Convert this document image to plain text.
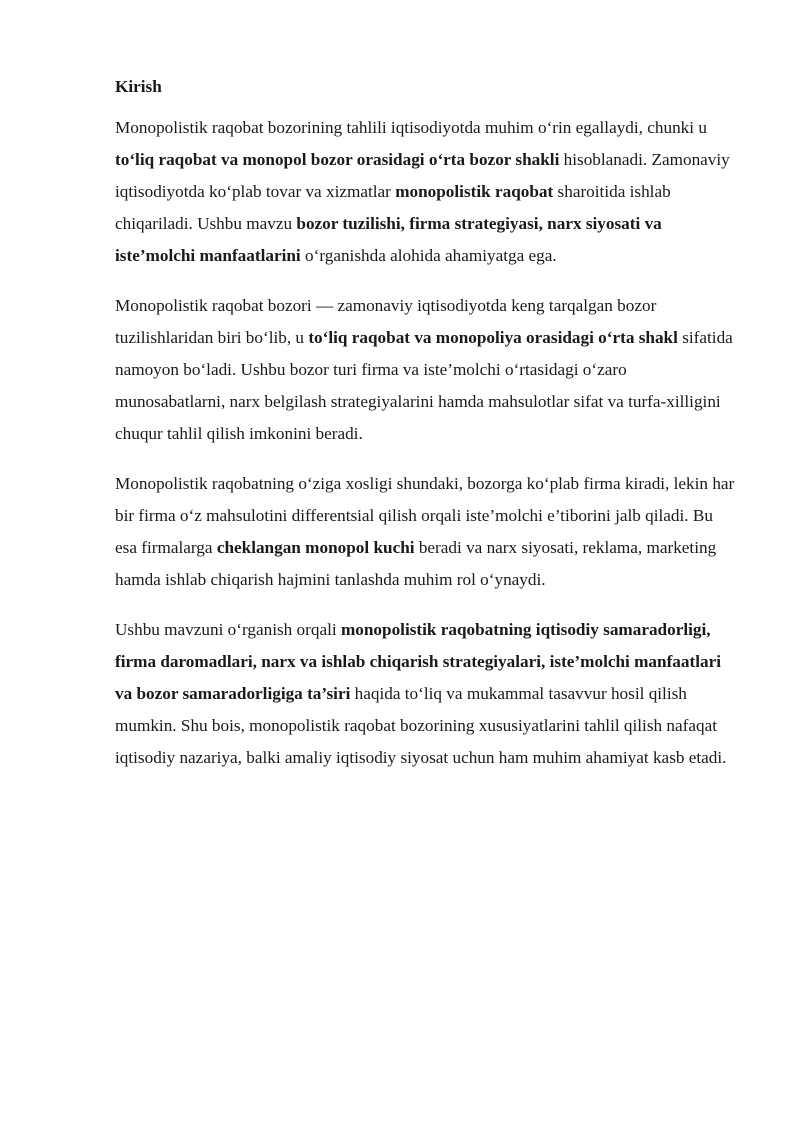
Kirish
Monopolistik raqobat bozorining tahlili iqtisodiyotda muhim o‘rin egallaydi, chunki u to‘liq raqobat va monopol bozor orasidagi o‘rta bozor shakli hisoblanadi. Zamonaviy iqtisodiyotda ko‘plab tovar va xizmatlar monopolistik raqobat sharoitida ishlab chiqariladi. Ushbu mavzu bozor tuzilishi, firma strategiyasi, narx siyosati va iste’molchi manfaatlarini o‘rganishda alohida ahamiyatga ega.
Monopolistik raqobat bozori — zamonaviy iqtisodiyotda keng tarqalgan bozor tuzilishlaridan biri bo‘lib, u to‘liq raqobat va monopoliya orasidagi o‘rta shakl sifatida namoyon bo‘ladi. Ushbu bozor turi firma va iste’molchi o‘rtasidagi o‘zaro munosabatlarni, narx belgilash strategiyalarini hamda mahsulotlar sifat va turfa-xilligini chuqur tahlil qilish imkonini beradi.
Monopolistik raqobatning o‘ziga xosligi shundaki, bozorga ko‘plab firma kiradi, lekin har bir firma o‘z mahsulotini differentsial qilish orqali iste’molchi e’tiborini jalb qiladi. Bu esa firmalarga cheklangan monopol kuchi beradi va narx siyosati, reklama, marketing hamda ishlab chiqarish hajmini tanlashda muhim rol o‘ynaydi.
Ushbu mavzuni o‘rganish orqali monopolistik raqobatning iqtisodiy samaradorligi, firma daromadlari, narx va ishlab chiqarish strategiyalari, iste’molchi manfaatlari va bozor samaradorligiga ta’siri haqida to‘liq va mukammal tasavvur hosil qilish mumkin. Shu bois, monopolistik raqobat bozorining xususiyatlarini tahlil qilish nafaqat iqtisodiy nazariya, balki amaliy iqtisodiy siyosat uchun ham muhim ahamiyat kasb etadi.
